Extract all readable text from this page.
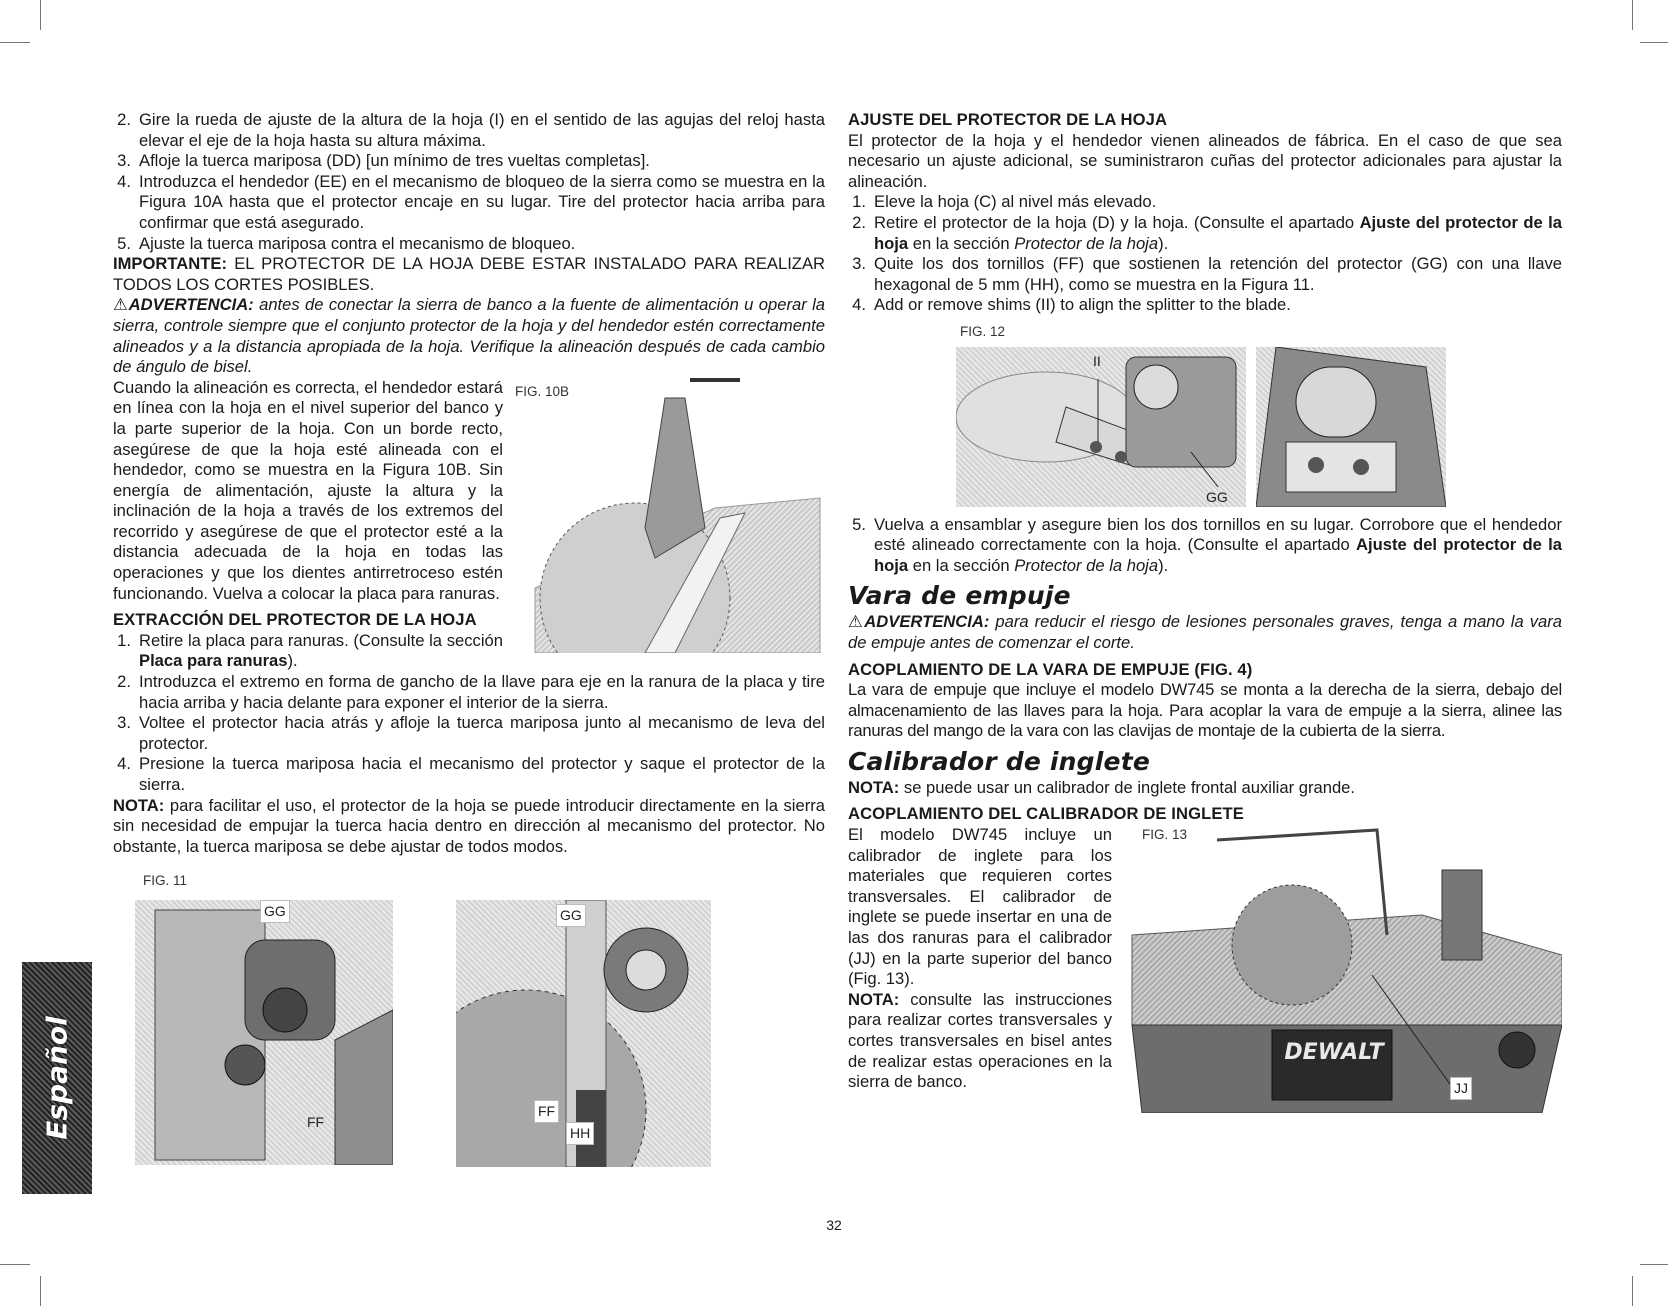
2. Gire la rueda de ajuste de la altura de la hoja (I) en el sentido de las agujas del reloj hasta elevar el eje de la hoja hasta su altura máxima.
3. Afloje la tuerca mariposa (DD) [un mínimo de tres vueltas completas].
4. Introduzca el hendedor (EE) en el mecanismo de bloqueo de la sierra como se muestra en la Figura 10A hasta que el protector encaje en su lugar. Tire del protector hacia arriba para confirmar que está asegurado.
5. Ajuste la tuerca mariposa contra el mecanismo de bloqueo.

IMPORTANTE: EL PROTECTOR DE LA HOJA DEBE ESTAR INSTALADO PARA REALIZAR TODOS LOS CORTES POSIBLES.

⚠ADVERTENCIA: antes de conectar la sierra de banco a la fuente de alimentación u operar la sierra, controle siempre que el conjunto protector de la hoja y del hendedor estén correctamente alineados y a la distancia apropiada de la hoja. Verifique la alineación después de cada cambio de ángulo de bisel.

FIG. 10B

Cuando la alineación es correcta, el hendedor estará en línea con la hoja en el nivel superior del banco y la parte superior de la hoja. Con un borde recto, asegúrese de que la hoja esté alineada con el hendedor, como se muestra en la Figura 10B. Sin energía de alimentación, ajuste la altura y la inclinación de la hoja a través de los extremos del recorrido y asegúrese de que el protector esté a la distancia adecuada de la hoja en todas las operaciones y que los dientes antirretroceso estén funcionando. Vuelva a colocar la placa para ranuras.

EXTRACCIÓN DEL PROTECTOR DE LA HOJA
1. Retire la placa para ranuras. (Consulte la sección Placa para ranuras).
2. Introduzca el extremo en forma de gancho de la llave para eje en la ranura de la placa y tire hacia arriba y hacia delante para exponer el interior de la sierra.
3. Voltee el protector hacia atrás y afloje la tuerca mariposa junto al mecanismo de leva del protector.
4. Presione la tuerca mariposa hacia el mecanismo del protector y saque el protector de la sierra.

NOTA: para facilitar el uso, el protector de la hoja se puede introducir directamente en la sierra sin necesidad de empujar la tuerca hacia dentro en dirección al mecanismo del protector. No obstante, la tuerca mariposa se debe ajustar de todos modos.

FIG. 11
GG
FF
GG
FF
HH
AJUSTE DEL PROTECTOR DE LA HOJA

El protector de la hoja y el hendedor vienen alineados de fábrica. En el caso de que sea necesario un ajuste adicional, se suministraron cuñas del protector adicionales para ajustar la alineación.

1. Eleve la hoja (C) al nivel más elevado.
2. Retire el protector de la hoja (D) y la hoja. (Consulte el apartado Ajuste del protector de la hoja en la sección Protector de la hoja).
3. Quite los dos tornillos (FF) que sostienen la retención del protector (GG) con una llave hexagonal de 5 mm (HH), como se muestra en la Figura 11.
4. Add or remove shims (II) to align the splitter to the blade.
FIG. 12
II
GG
5. Vuelva a ensamblar y asegure bien los dos tornillos en su lugar. Corrobore que el hendedor esté alineado correctamente con la hoja. (Consulte el apartado Ajuste del protector de la hoja en la sección Protector de la hoja).
Vara de empuje

⚠ADVERTENCIA: para reducir el riesgo de lesiones personales graves, tenga a mano la vara de empuje antes de comenzar el corte.

ACOPLAMIENTO DE LA VARA DE EMPUJE (FIG. 4)

La vara de empuje que incluye el modelo DW745 se monta a la derecha de la sierra, debajo del almacenamiento de las llaves para la hoja. Para acoplar la vara de empuje a la sierra, alinee las ranuras del mango de la vara con las clavijas de montaje de la cubierta de la sierra.

Calibrador de inglete

NOTA: se puede usar un calibrador de inglete frontal auxiliar grande.

ACOPLAMIENTO DEL CALIBRADOR DE INGLETE

El modelo DW745 incluye un calibrador de inglete para los materiales que requieren cortes transversales. El calibrador de inglete se puede insertar en una de las dos ranuras para el calibrador (JJ) en la parte superior del banco (Fig. 13).

NOTA: consulte las instrucciones para realizar cortes transversales y cortes transversales en bisel antes de realizar estas operaciones en la sierra de banco.

FIG. 13
DEWALT
JJ
Español
32
